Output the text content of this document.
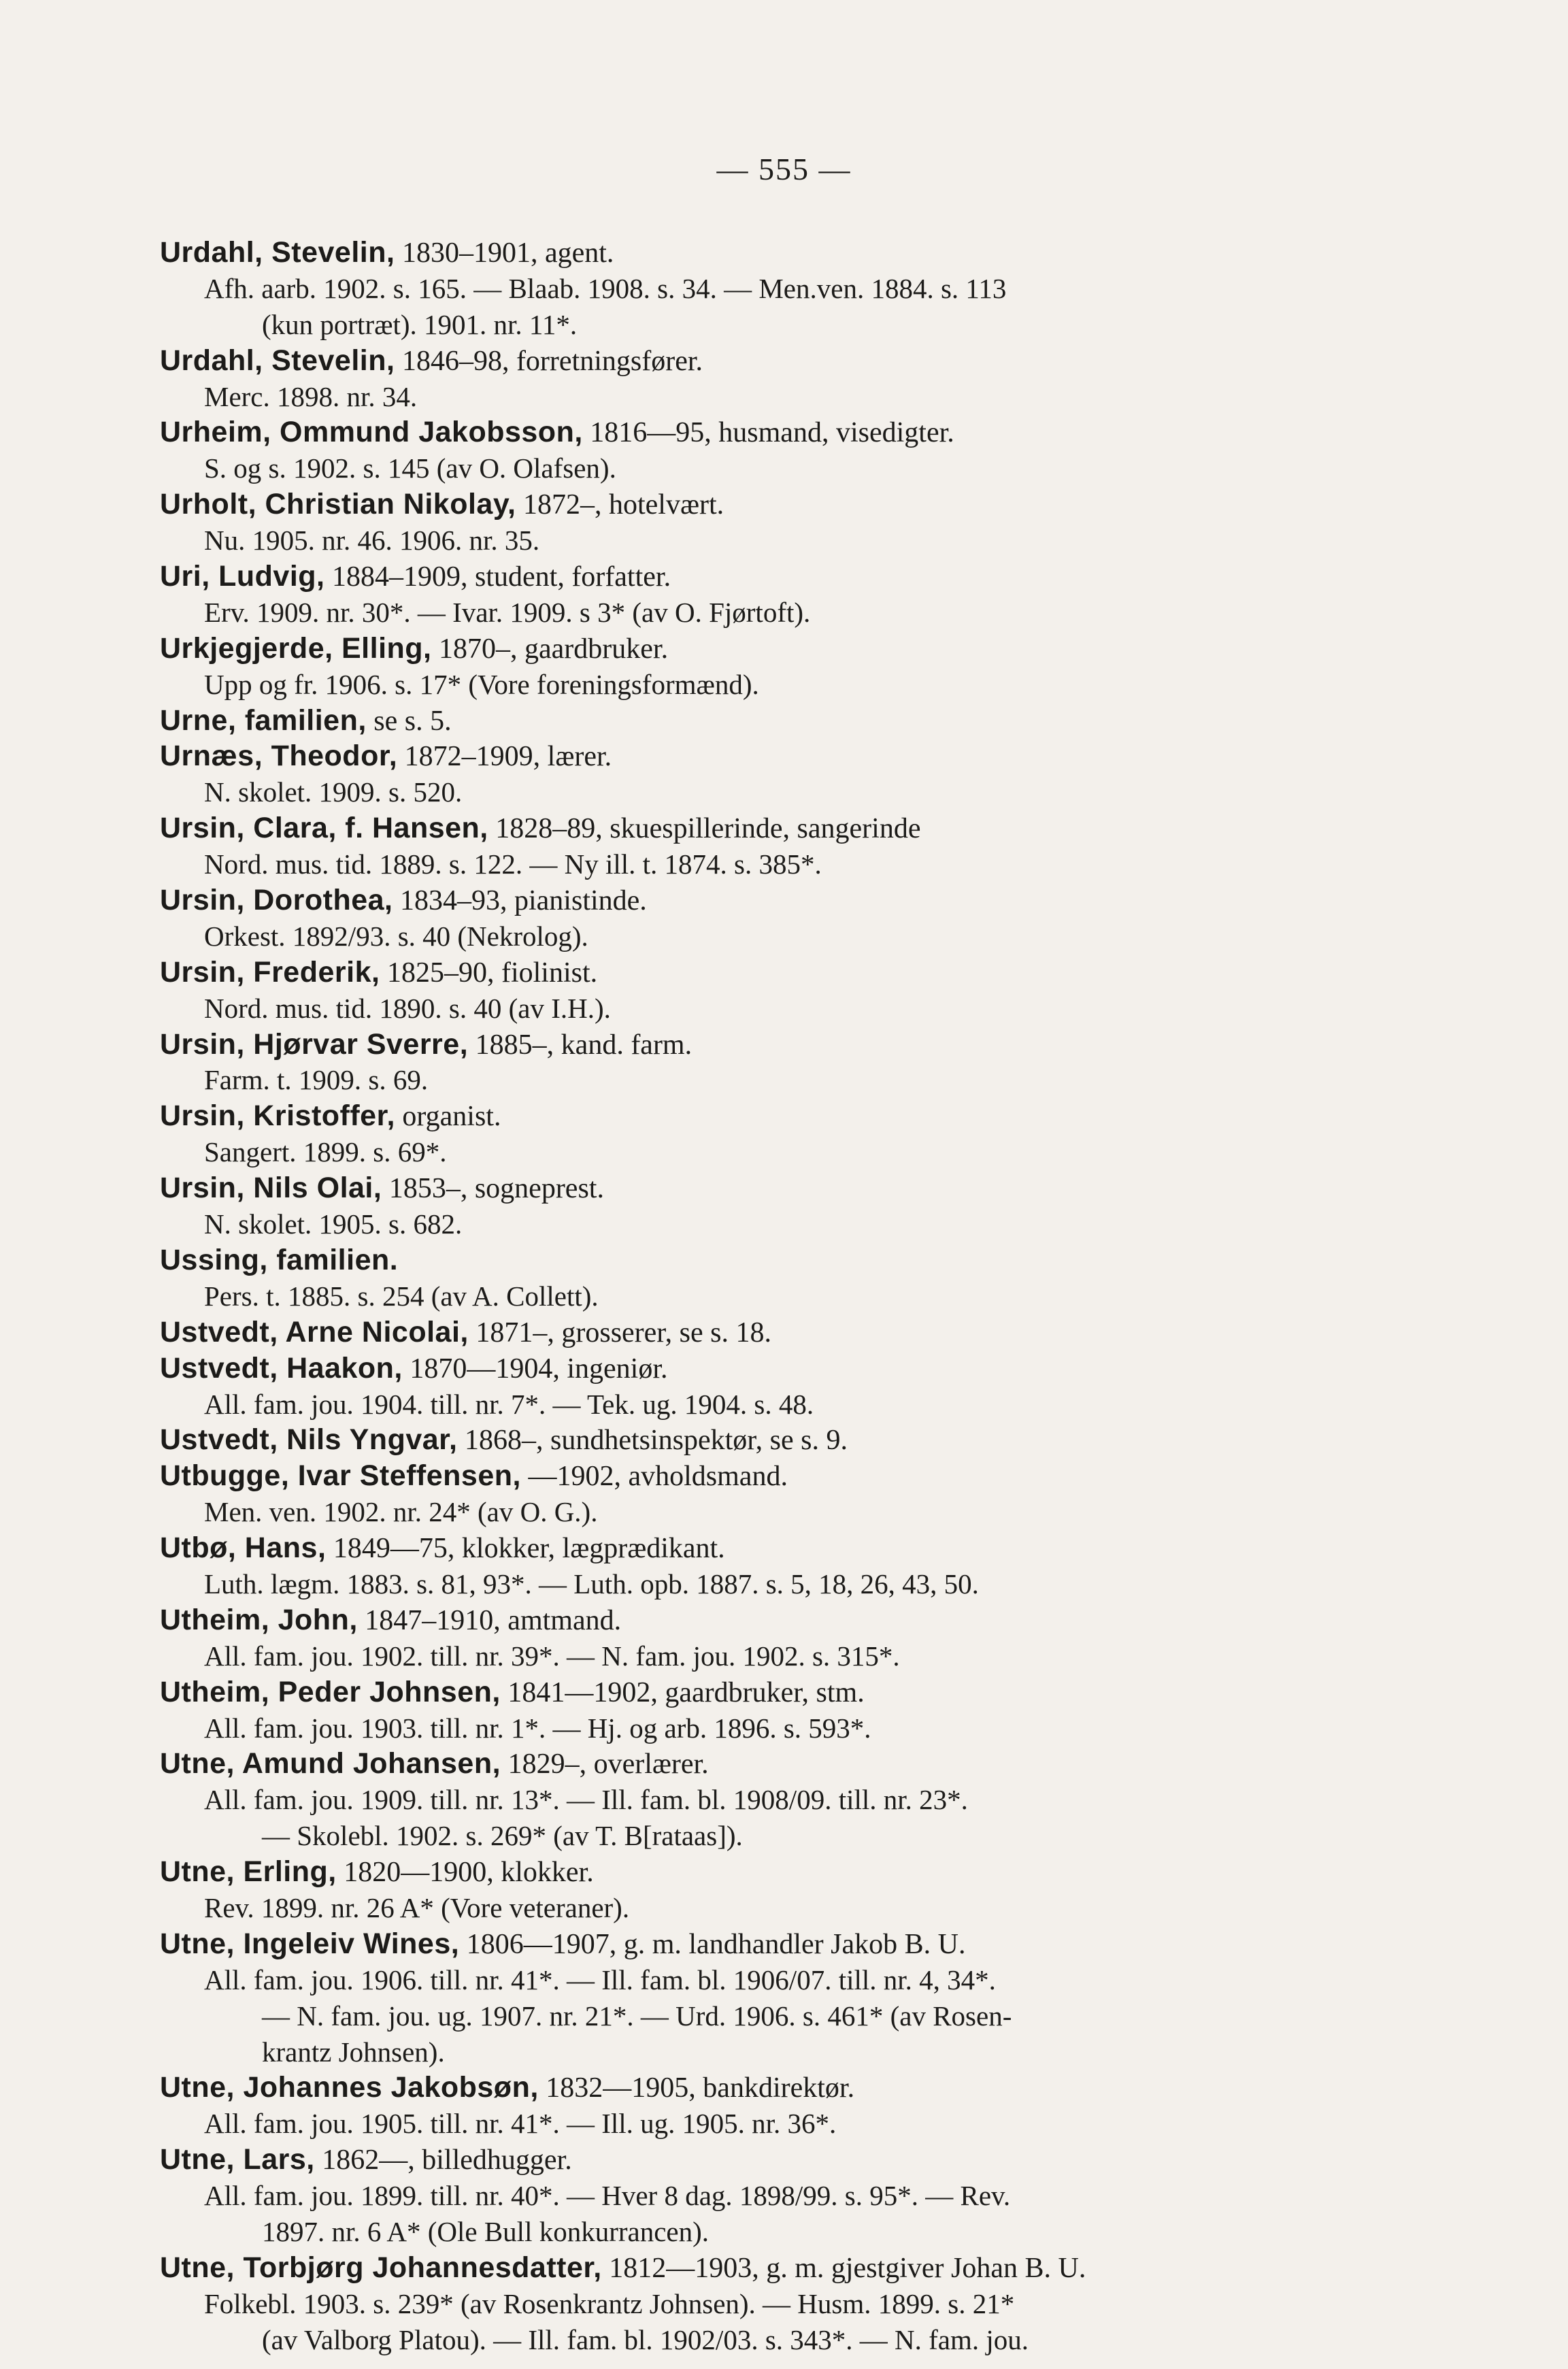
— 555 —
Urdahl, Stevelin, 1830–1901, agent.
Afh. aarb. 1902. s. 165. — Blaab. 1908. s. 34. — Men.ven. 1884. s. 113
(kun portræt). 1901. nr. 11*.
Urdahl, Stevelin, 1846–98, forretningsfører.
Merc. 1898. nr. 34.
Urheim, Ommund Jakobsson, 1816—95, husmand, visedigter.
S. og s. 1902. s. 145 (av O. Olafsen).
Urholt, Christian Nikolay, 1872–, hotelvært.
Nu. 1905. nr. 46. 1906. nr. 35.
Uri, Ludvig, 1884–1909, student, forfatter.
Erv. 1909. nr. 30*. — Ivar. 1909. s 3* (av O. Fjørtoft).
Urkjegjerde, Elling, 1870–, gaardbruker.
Upp og fr. 1906. s. 17* (Vore foreningsformænd).
Urne, familien, se s. 5.
Urnæs, Theodor, 1872–1909, lærer.
N. skolet. 1909. s. 520.
Ursin, Clara, f. Hansen, 1828–89, skuespillerinde, sangerinde
Nord. mus. tid. 1889. s. 122. — Ny ill. t. 1874. s. 385*.
Ursin, Dorothea, 1834–93, pianistinde.
Orkest. 1892/93. s. 40 (Nekrolog).
Ursin, Frederik, 1825–90, fiolinist.
Nord. mus. tid. 1890. s. 40 (av I.H.).
Ursin, Hjørvar Sverre, 1885–, kand. farm.
Farm. t. 1909. s. 69.
Ursin, Kristoffer, organist.
Sangert. 1899. s. 69*.
Ursin, Nils Olai, 1853–, sogneprest.
N. skolet. 1905. s. 682.
Ussing, familien.
Pers. t. 1885. s. 254 (av A. Collett).
Ustvedt, Arne Nicolai, 1871–, grosserer, se s. 18.
Ustvedt, Haakon, 1870—1904, ingeniør.
All. fam. jou. 1904. till. nr. 7*. — Tek. ug. 1904. s. 48.
Ustvedt, Nils Yngvar, 1868–, sundhetsinspektør, se s. 9.
Utbugge, Ivar Steffensen, —1902, avholdsmand.
Men. ven. 1902. nr. 24* (av O. G.).
Utbø, Hans, 1849—75, klokker, lægprædikant.
Luth. lægm. 1883. s. 81, 93*. — Luth. opb. 1887. s. 5, 18, 26, 43, 50.
Utheim, John, 1847–1910, amtmand.
All. fam. jou. 1902. till. nr. 39*. — N. fam. jou. 1902. s. 315*.
Utheim, Peder Johnsen, 1841—1902, gaardbruker, stm.
All. fam. jou. 1903. till. nr. 1*. — Hj. og arb. 1896. s. 593*.
Utne, Amund Johansen, 1829–, overlærer.
All. fam. jou. 1909. till. nr. 13*. — Ill. fam. bl. 1908/09. till. nr. 23*.
— Skolebl. 1902. s. 269* (av T. B[rataas]).
Utne, Erling, 1820—1900, klokker.
Rev. 1899. nr. 26 A* (Vore veteraner).
Utne, Ingeleiv Wines, 1806—1907, g. m. landhandler Jakob B. U.
All. fam. jou. 1906. till. nr. 41*. — Ill. fam. bl. 1906/07. till. nr. 4, 34*.
— N. fam. jou. ug. 1907. nr. 21*. — Urd. 1906. s. 461* (av Rosen-
krantz Johnsen).
Utne, Johannes Jakobsøn, 1832—1905, bankdirektør.
All. fam. jou. 1905. till. nr. 41*. — Ill. ug. 1905. nr. 36*.
Utne, Lars, 1862—, billedhugger.
All. fam. jou. 1899. till. nr. 40*. — Hver 8 dag. 1898/99. s. 95*. — Rev.
1897. nr. 6 A* (Ole Bull konkurrancen).
Utne, Torbjørg Johannesdatter, 1812—1903, g. m. gjestgiver Johan B. U.
Folkebl. 1903. s. 239* (av Rosenkrantz Johnsen). — Husm. 1899. s. 21*
(av Valborg Platou). — Ill. fam. bl. 1902/03. s. 343*. — N. fam. jou.
